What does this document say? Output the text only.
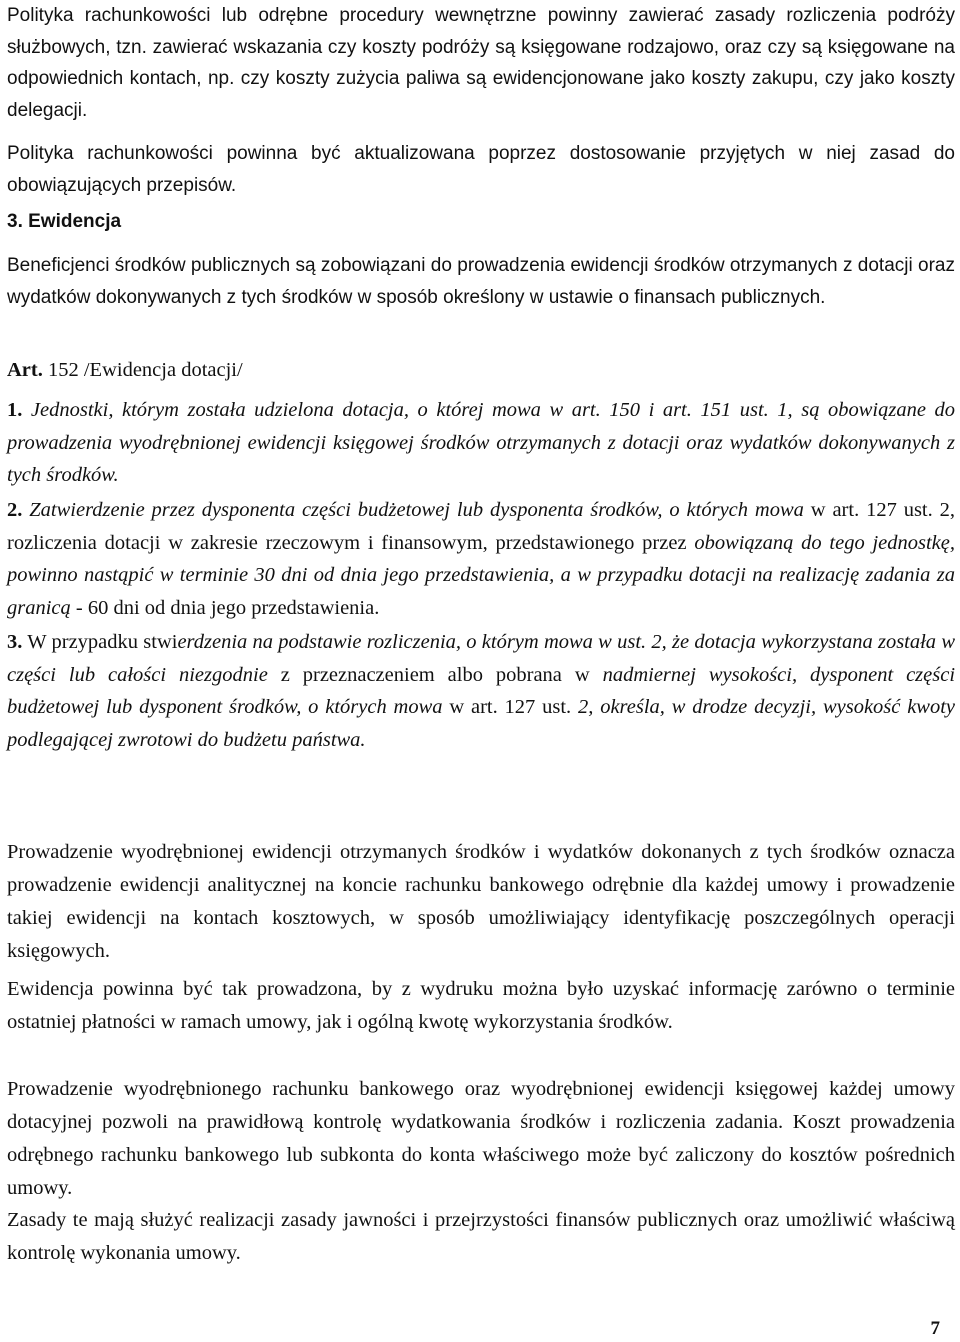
Polityka rachunkowości lub odrębne procedury wewnętrzne powinny zawierać zasady rozliczenia podróży służbowych, tzn. zawierać wskazania czy koszty podróży są księgowane rodzajowo, oraz czy są księgowane na odpowiednich kontach, np. czy koszty zużycia paliwa są ewidencjonowane jako koszty zakupu, czy jako koszty delegacji.

Polityka rachunkowości powinna być aktualizowana poprzez dostosowanie przyjętych w niej zasad do obowiązujących przepisów.

3. Ewidencja

Beneficjenci środków publicznych są zobowiązani do prowadzenia ewidencji środków otrzymanych z dotacji oraz wydatków dokonywanych z tych środków w sposób określony w ustawie o finansach publicznych.

Art. 152 /Ewidencja dotacji/

1. Jednostki, którym została udzielona dotacja, o której mowa w art. 150 i art. 151 ust. 1, są obowiązane do prowadzenia wyodrębnionej ewidencji księgowej środków otrzymanych z dotacji oraz wydatków dokonywanych z tych środków.

2. Zatwierdzenie przez dysponenta części budżetowej lub dysponenta środków, o których mowa w art. 127 ust. 2, rozliczenia dotacji w zakresie rzeczowym i finansowym, przedstawionego przez obowiązaną do tego jednostkę, powinno nastąpić w terminie 30 dni od dnia jego przedstawienia, a w przypadku dotacji na realizację zadania za granicą - 60 dni od dnia jego przedstawienia.

3. W przypadku stwierdzenia na podstawie rozliczenia, o którym mowa w ust. 2, że dotacja wykorzystana została w części lub całości niezgodnie z przeznaczeniem albo pobrana w nadmiernej wysokości, dysponent części budżetowej lub dysponent środków, o których mowa w art. 127 ust. 2, określa, w drodze decyzji, wysokość kwoty podlegającej zwrotowi do budżetu państwa.

Prowadzenie wyodrębnionej ewidencji otrzymanych środków i wydatków dokonanych z tych środków oznacza prowadzenie ewidencji analitycznej na koncie rachunku bankowego odrębnie dla każdej umowy i prowadzenie takiej ewidencji na kontach kosztowych, w sposób umożliwiający identyfikację poszczególnych operacji księgowych.

Ewidencja powinna być tak prowadzona, by z wydruku można było uzyskać informację zarówno o terminie ostatniej płatności w ramach umowy, jak i ogólną kwotę wykorzystania środków.

Prowadzenie wyodrębnionego rachunku bankowego oraz wyodrębnionej ewidencji księgowej każdej umowy dotacyjnej pozwoli na prawidłową kontrolę wydatkowania środków i rozliczenia zadania. Koszt prowadzenia odrębnego rachunku bankowego lub subkonta do konta właściwego może być zaliczony do kosztów pośrednich umowy.

Zasady te mają służyć realizacji zasady jawności i przejrzystości finansów publicznych oraz umożliwić właściwą kontrolę wykonania umowy.

7
